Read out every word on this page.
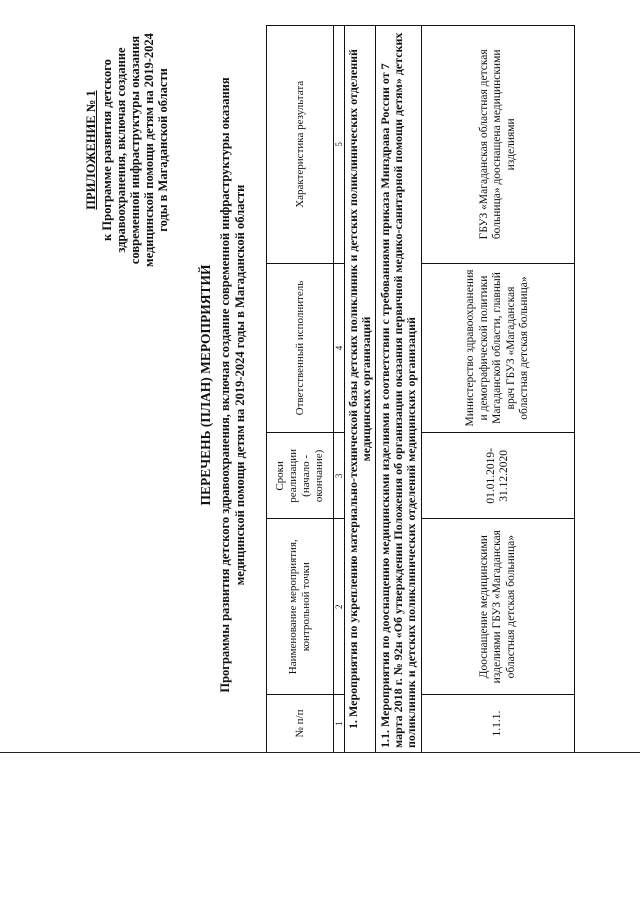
ПРИЛОЖЕНИЕ № 1 к Программе развития детского здравоохранения, включая создание современной инфраструктуры оказания медицинской помощи детям на 2019-2024 годы в Магаданской области
ПЕРЕЧЕНЬ (ПЛАН) МЕРОПРИЯТИЙ Программы развития детского здравоохранения, включая создание современной инфраструктуры оказания медицинской помощи детям на 2019-2024 годы в Магаданской области
№ п/п	Наименование мероприятия, контрольной точки	Сроки реализации (начало - окончание)	Ответственный исполнитель	Характеристика результата
1	2	3	4	5
1. Мероприятия по укреплению материально-технической базы детских поликлиник и детских поликлинических отделений медицинских организаций				
1.1. Мероприятия по дооснащению медицинскими изделиями в соответствии с требованиями приказа Минздрава России от 7 марта 2018 г. № 92н «Об утверждении Положения об организации оказания первичной медико-санитарной помощи детям» детских поликлиник и детских поликлинических отделений медицинских организаций				
1.1.1.	Дооснащение медицинскими изделиями ГБУЗ «Магаданская областная детская больница»	01.01.2019-31.12.2020	Министерство здравоохранения и демографической политики Магаданской области, главный врач ГБУЗ «Магаданская областная детская больница»	ГБУЗ «Магаданская областная детская больница» дооснащена медицинскими изделиями
